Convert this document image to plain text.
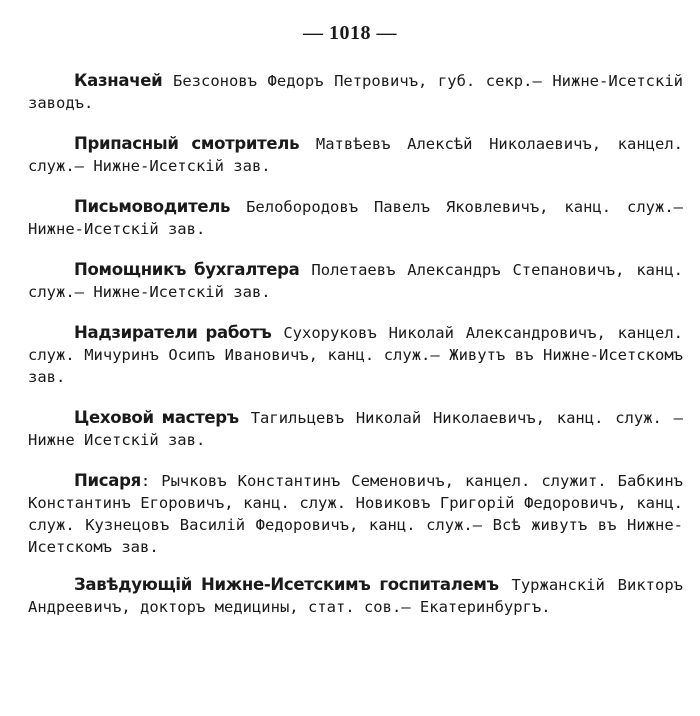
— 1018 —

Казначей Безсоновъ Федоръ Петровичъ, губ. секр.— Нижне-Исетскій заводъ.

Припасный смотритель Матвѣевъ Алексѣй Николаевичъ, канцел. служ.— Нижне-Исетскій зав.

Письмоводитель Белобородовъ Павелъ Яковлевичъ, канц. служ.— Нижне-Исетскій зав.

Помощникъ бухгалтера Полетаевъ Александръ Степановичъ, канц. служ.— Нижне-Исетскій зав.

Надзиратели работъ Сухоруковъ Николай Александровичъ, канцел. служ. Мичуринъ Осипъ Ивановичъ, канц. служ.— Живутъ въ Нижне-Исетскомъ зав.

Цеховой мастеръ Тагильцевъ Николай Николаевичъ, канц. служ. —Нижне Исетскій зав.

Писаря: Рычковъ Константинъ Семеновичъ, канцел. служит. Бабкинъ Константинъ Егоровичъ, канц. служ. Новиковъ Григорій Федоровичъ, канц. служ. Кузнецовъ Василій Федоровичъ, канц. служ.— Всѣ живутъ въ Нижне-Исетскомъ зав.

Завѣдующій Нижне-Исетскимъ госпиталемъ Туржанскій Викторъ Андреевичъ, докторъ медицины, стат. сов.— Екатеринбургъ.
